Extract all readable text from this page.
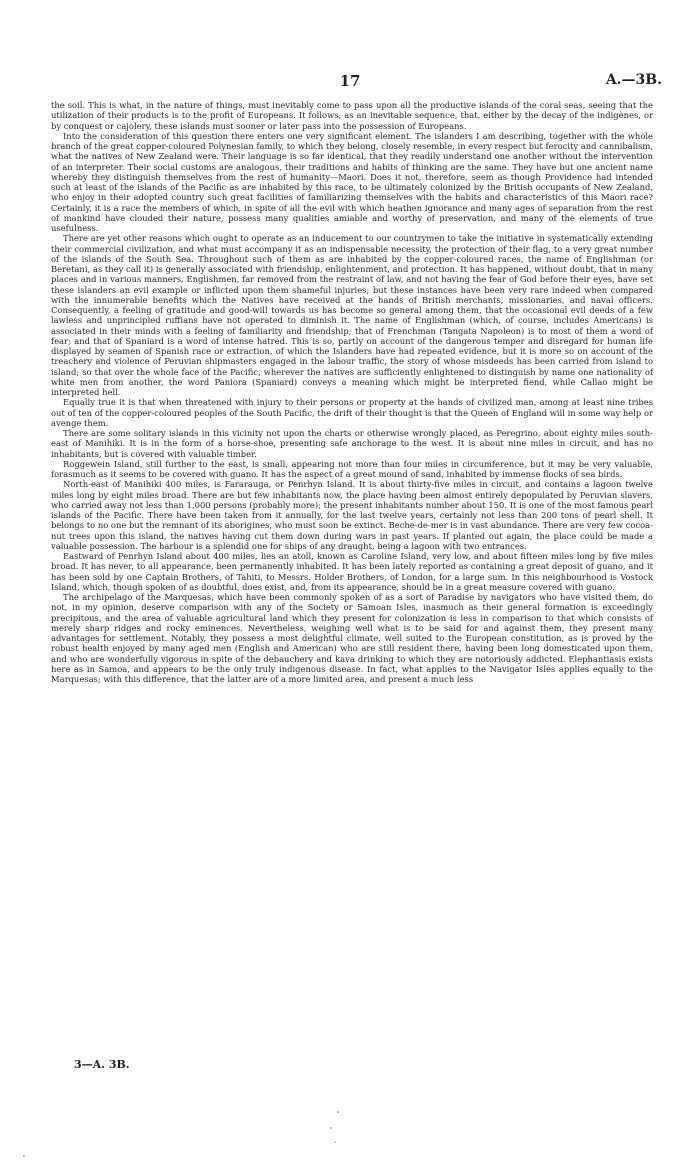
17	A.—3B.

the soil. This is what, in the nature of things, must inevitably come to pass upon all the productive islands of the coral seas, seeing that the utilization of their products is to the profit of Europeans. It follows, as an inevitable sequence, that, either by the decay of the indigènes, or by conquest or cajolery, these islands must sooner or later pass into the possession of Europeans.

Into the consideration of this question there enters one very significant element. The islanders I am describing, together with the whole branch of the great copper-coloured Polynesian family, to which they belong, closely resemble, in every respect but ferocity and cannibalism, what the natives of New Zealand were. Their language is so far identical, that they readily understand one another without the intervention of an interpreter. Their social customs are analogous, their traditions and habits of thinking are the same. They have but one ancient name whereby they distinguish themselves from the rest of humanity—Maori. Does it not, therefore, seem as though Providence had intended such at least of the islands of the Pacific as are inhabited by this race, to be ultimately colonized by the British occupants of New Zealand, who enjoy in their adopted country such great facilities of familiarizing themselves with the habits and characteristics of this Maori race? Certainly, it is a race the members of which, in spite of all the evil with which heathen ignorance and many ages of separation from the rest of mankind have clouded their nature, possess many qualities amiable and worthy of preservation, and many of the elements of true usefulness.

There are yet other reasons which ought to operate as an inducement to our countrymen to take the initiative in systematically extending their commercial civilization, and what must accompany it as an indispensable necessity, the protection of their flag, to a very great number of the islands of the South Sea. Throughout such of them as are inhabited by the copper-coloured races, the name of Englishman (or Beretani, as they call it) is generally associated with friendship, enlightenment, and protection. It has happened, without doubt, that in many places and in various manners, Englishmen, far removed from the restraint of law, and not having the fear of God before their eyes, have set these islanders an evil example or inflicted upon them shameful injuries; but these instances have been very rare indeed when compared with the innumerable benefits which the Natives have received at the hands of British merchants, missionaries, and naval officers. Consequently, a feeling of gratitude and good-will towards us has become so general among them, that the occasional evil deeds of a few lawless and unprincipled ruffians have not operated to diminish it. The name of Englishman (which, of course, includes Americans) is associated in their minds with a feeling of familiarity and friendship; that of Frenchman (Tangata Napoleon) is to most of them a word of fear; and that of Spaniard is a word of intense hatred. This is so, partly on account of the dangerous temper and disregard for human life displayed by seamen of Spanish race or extraction, of which the Islanders have had repeated evidence, but it is more so on account of the treachery and violence of Peruvian shipmasters engaged in the labour traffic, the story of whose misdeeds has been carried from island to island; so that over the whole face of the Pacific, wherever the natives are sufficiently enlightened to distinguish by name one nationality of white men from another, the word Paniora (Spaniard) conveys a meaning which might be interpreted fiend, while Callao might be interpreted hell.

Equally true it is that when threatened with injury to their persons or property at the hands of civilized man, among at least nine tribes out of ten of the copper-coloured peoples of the South Pacific, the drift of their thought is that the Queen of England will in some way help or avenge them.

There are some solitary islands in this vicinity not upon the charts or otherwise wrongly placed, as Peregrino, about eighty miles south-east of Manihiki. It is in the form of a horse-shoe, presenting safe anchorage to the west. It is about nine miles in circuit, and has no inhabitants, but is covered with valuable timber.

Roggewein Island, still further to the east, is small, appearing not more than four miles in circumference, but it may be very valuable, forasmuch as it seems to be covered with guano. It has the aspect of a great mound of sand, inhabited by immense flocks of sea birds.

North-east of Manihiki 400 miles, is Fararauga, or Penrhyn Island. It is about thirty-five miles in circuit, and contains a lagoon twelve miles long by eight miles broad. There are but few inhabitants now, the place having been almost entirely depopulated by Peruvian slavers, who carried away not less than 1,000 persons (probably more); the present inhabitants number about 150. It is one of the most famous pearl islands of the Pacific. There have been taken from it annually, for the last twelve years, certainly not less than 200 tons of pearl shell. It belongs to no one but the remnant of its aborigines, who must soon be extinct. Beche-de-mer is in vast abundance. There are very few cocoa-nut trees upon this island, the natives having cut them down during wars in past years. If planted out again, the place could be made a valuable possession. The harbour is a splendid one for ships of any draught, being a lagoon with two entrances.

Eastward of Penrhyn Island about 400 miles, lies an atoll, known as Caroline Island, very low, and about fifteen miles long by five miles broad. It has never, to all appearance, been permanently inhabited. It has been lately reported as containing a great deposit of guano, and it has been sold by one Captain Brothers, of Tahiti, to Messrs. Holder Brothers, of London, for a large sum. In this neighbourhood is Vostock Island, which, though spoken of as doubtful, does exist, and, from its appearance, should be in a great measure covered with guano.

The archipelago of the Marquesas, which have been commonly spoken of as a sort of Paradise by navigators who have visited them, do not, in my opinion, deserve comparison with any of the Society or Samoan Isles, inasmuch as their general formation is exceedingly precipitous, and the area of valuable agricultural land which they present for colonization is less in comparison to that which consists of merely sharp ridges and rocky eminences. Nevertheless, weighing well what is to be said for and against them, they present many advantages for settlement. Notably, they possess a most delightful climate, well suited to the European constitution, as is proved by the robust health enjoyed by many aged men (English and American) who are still resident there, having been long domesticated upon them, and who are wonderfully vigorous in spite of the debauchery and kava drinking to which they are notoriously addicted. Elephantiasis exists here as in Samoa, and appears to be the only truly indigenous disease. In fact, what applies to the Navigator Isles applies equally to the Marquesas; with this difference, that the latter are of a more limited area, and present a much less

3—A. 3B.
